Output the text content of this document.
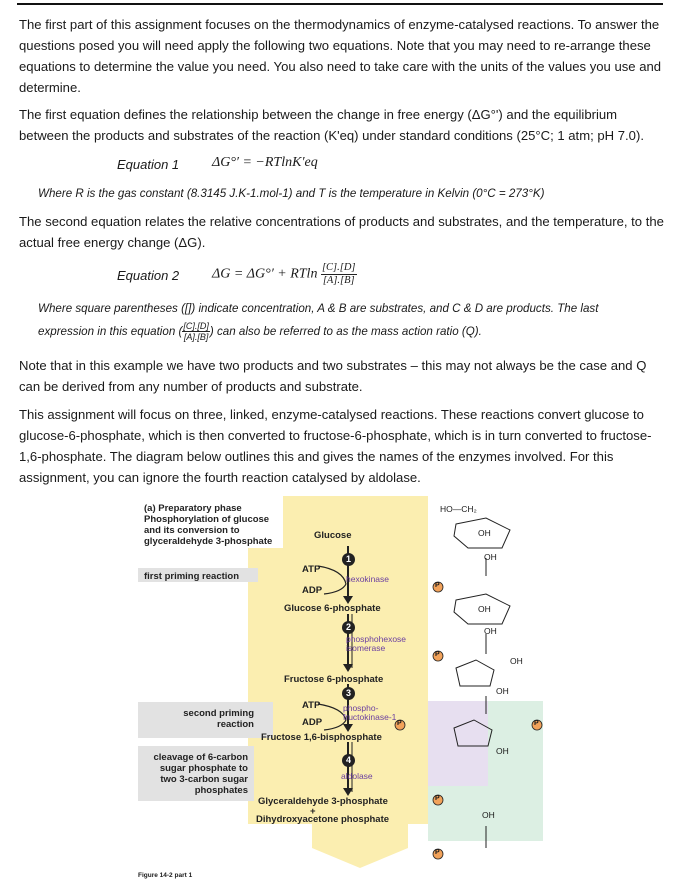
The first part of this assignment focuses on the thermodynamics of enzyme-catalysed reactions. To answer the questions posed you will need apply the following two equations. Note that you may need to re-arrange these equations to determine the value you need. You also need to take care with the units of the values you use and determine.

The first equation defines the relationship between the change in free energy (ΔG°') and the equilibrium between the products and substrates of the reaction (K'eq) under standard conditions (25°C; 1 atm; pH 7.0).

Equation 1 ΔG°′ = −RTlnK′eq
Where R is the gas constant (8.3145 J.K-1.mol-1) and T is the temperature in Kelvin (0°C = 273°K)

The second equation relates the relative concentrations of products and substrates, and the temperature, to the actual free energy change (ΔG).

Equation 2 ΔG = ΔG°′ + RTln $\frac{[C].[D]}{[A].[B]}$
Where square parentheses ([]) indicate concentration, A & B are substrates, and C & D are products. The last
expression in this equation ( $\frac{[C].[D]}{[A].[B]}$ ) can also be referred to as the mass action ratio (Q).

Note that in this example we have two products and two substrates – this may not always be the case and Q can be derived from any number of products and substrate.

This assignment will focus on three, linked, enzyme-catalysed reactions. These reactions convert glucose to glucose-6-phosphate, which is then converted to fructose-6-phosphate, which is in turn converted to fructose-1,6-phosphate. The diagram below outlines this and gives the names of the enzymes involved. For this assignment, you can ignore the fourth reaction catalysed by aldolase.

(a) Preparatory phase
Phosphorylation of glucose
and its conversion to
glyceraldehyde 3-phosphate
Glucose
first priming reaction
ATP
ADP
1
hexokinase
Glucose 6-phosphate
2
phosphohexose
isomerase
Fructose 6-phosphate
3
ATP
ADP
phospho-
fructokinase-1
second priming
reaction
Fructose 1,6-bisphosphate
4
aldolase
cleavage of 6-carbon
sugar phosphate to
two 3-carbon sugar
phosphates
Glyceraldehyde 3-phosphate
+
Dihydroxyacetone phosphate
HO—CH₂
OH
OH
OH
OH
OH
OH
OH
OH
P
P
P	P
P
P
Figure 14-2 part 1
